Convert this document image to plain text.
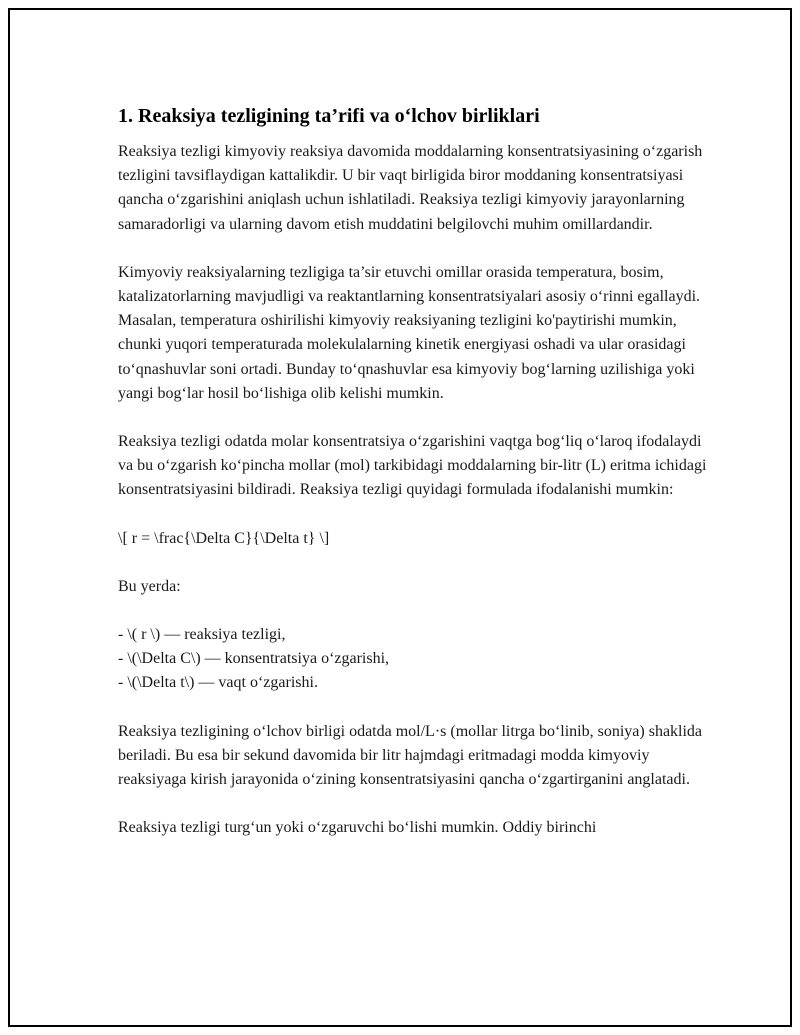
1. Reaksiya tezligining ta’rifi va o‘lchov birliklari

Reaksiya tezligi kimyoviy reaksiya davomida moddalarning konsentratsiyasining o‘zgarish tezligini tavsiflaydigan kattalikdir. U bir vaqt birligida biror moddaning konsentratsiyasi qancha o‘zgarishini aniqlash uchun ishlatiladi. Reaksiya tezligi kimyoviy jarayonlarning samaradorligi va ularning davom etish muddatini belgilovchi muhim omillardandir.

Kimyoviy reaksiyalarning tezligiga ta’sir etuvchi omillar orasida temperatura, bosim, katalizatorlarning mavjudligi va reaktantlarning konsentratsiyalari asosiy o‘rinni egallaydi. Masalan, temperatura oshirilishi kimyoviy reaksiyaning tezligini ko'paytirishi mumkin, chunki yuqori temperaturada molekulalarning kinetik energiyasi oshadi va ular orasidagi to‘qnashuvlar soni ortadi. Bunday to‘qnashuvlar esa kimyoviy bog‘larning uzilishiga yoki yangi bog‘lar hosil bo‘lishiga olib kelishi mumkin.

Reaksiya tezligi odatda molar konsentratsiya o‘zgarishini vaqtga bog‘liq o‘laroq ifodalaydi va bu o‘zgarish ko‘pincha mollar (mol) tarkibidagi moddalarning bir-litr (L) eritma ichidagi konsentratsiyasini bildiradi. Reaksiya tezligi quyidagi formulada ifodalanishi mumkin:

\[ r = \frac{\Delta C}{\Delta t} \]

Bu yerda:

- \( r \) — reaksiya tezligi,
- \(\Delta C\) — konsentratsiya o‘zgarishi,
- \(\Delta t\) — vaqt o‘zgarishi.

Reaksiya tezligining o‘lchov birligi odatda mol/L·s (mollar litrga bo‘linib, soniya) shaklida beriladi. Bu esa bir sekund davomida bir litr hajmdagi eritmadagi modda kimyoviy reaksiyaga kirish jarayonida o‘zining konsentratsiyasini qancha o‘zgartirganini anglatadi.

Reaksiya tezligi turg‘un yoki o‘zgaruvchi bo‘lishi mumkin. Oddiy birinchi
